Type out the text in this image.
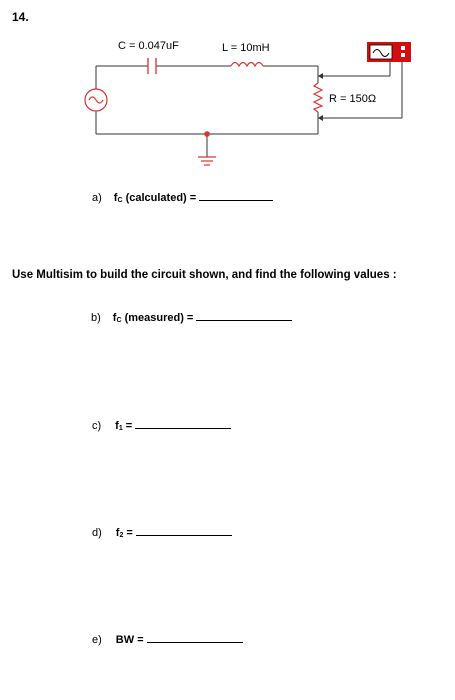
14.
C = 0.047uF	L = 10mH
R = 150Ω
a) $f_C$ (calculated) =
Use Multisim to build the circuit shown, and find the following values :
b) $f_C$ (measured) =
c) $f_1$ =
d) $f_2$ =
e) BW =
